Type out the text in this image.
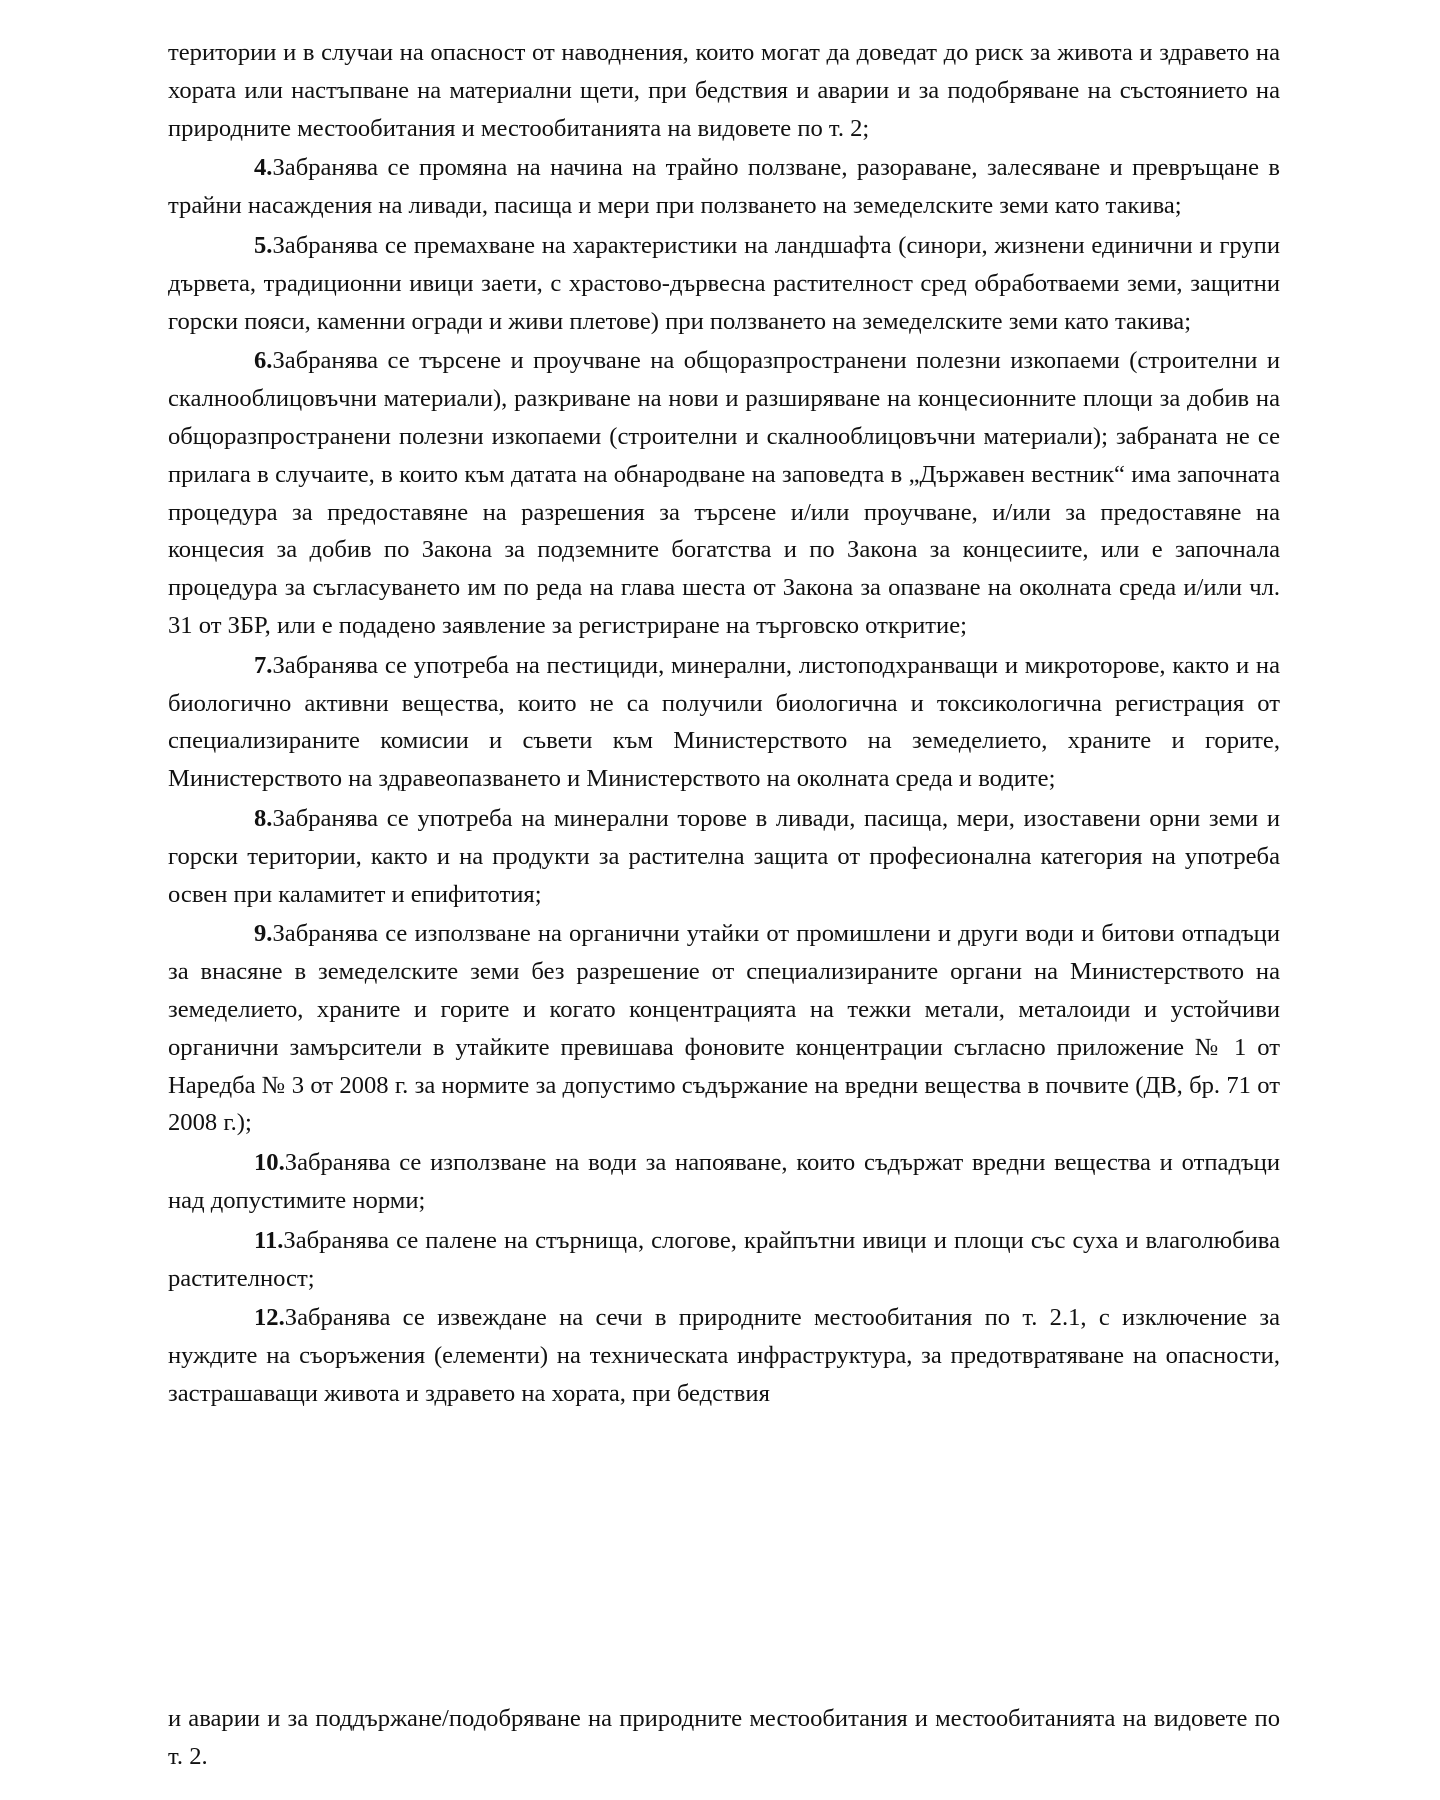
територии и в случаи на опасност от наводнения, които могат да доведат до риск за живота и здравето на хората или настъпване на материални щети, при бедствия и аварии и за подобряване на състоянието на природните местообитания и местообитанията на видовете по т. 2;

4.Забранява се промяна на начина на трайно ползване, разораване, залесяване и превръщане в трайни насаждения на ливади, пасища и мери при ползването на земеделските земи като такива;

5.Забранява се премахване на характеристики на ландшафта (синори, жизнени единични и групи дървета, традиционни ивици заети, с храстово-дървесна растителност сред обработваеми земи, защитни горски пояси, каменни огради и живи плетове) при ползването на земеделските земи като такива;

6.Забранява се търсене и проучване на общоразпространени полезни изкопаеми (строителни и скалнооблицовъчни материали), разкриване на нови и разширяване на концесионните площи за добив на общоразпространени полезни изкопаеми (строителни и скалнооблицовъчни материали); забраната не се прилага в случаите, в които към датата на обнародване на заповедта в „Държавен вестник“ има започната процедура за предоставяне на разрешения за търсене и/или проучване, и/или за предоставяне на концесия за добив по Закона за подземните богатства и по Закона за концесиите, или е започнала процедура за съгласуването им по реда на глава шеста от Закона за опазване на околната среда и/или чл. 31 от ЗБР, или е подадено заявление за регистриране на търговско откритие;

7.Забранява се употреба на пестициди, минерални, листоподхранващи и микроторове, както и на биологично активни вещества, които не са получили биологична и токсикологична регистрация от специализираните комисии и съвети към Министерството на земеделието, храните и горите, Министерството на здравеопазването и Министерството на околната среда и водите;

8.Забранява се употреба на минерални торове в ливади, пасища, мери, изоставени орни земи и горски територии, както и на продукти за растителна защита от професионална категория на употреба освен при каламитет и епифитотия;

9.Забранява се използване на органични утайки от промишлени и други води и битови отпадъци за внасяне в земеделските земи без разрешение от специализираните органи на Министерството на земеделието, храните и горите и когато концентрацията на тежки метали, металоиди и устойчиви органични замърсители в утайките превишава фоновите концентрации съгласно приложение № 1 от Наредба № 3 от 2008 г. за нормите за допустимо съдържание на вредни вещества в почвите (ДВ, бр. 71 от 2008 г.);

10.Забранява се използване на води за напояване, които съдържат вредни вещества и отпадъци над допустимите норми;

11.Забранява се палене на стърнища, слогове, крайпътни ивици и площи със суха и влаголюбива растителност;

12.Забранява се извеждане на сечи в природните местообитания по т. 2.1, с изключение за нуждите на съоръжения (елементи) на техническата инфраструктура, за предотвратяване на опасности, застрашаващи живота и здравето на хората, при бедствия

и аварии и за поддържане/подобряване на природните местообитания и местообитанията на видовете по т. 2.
